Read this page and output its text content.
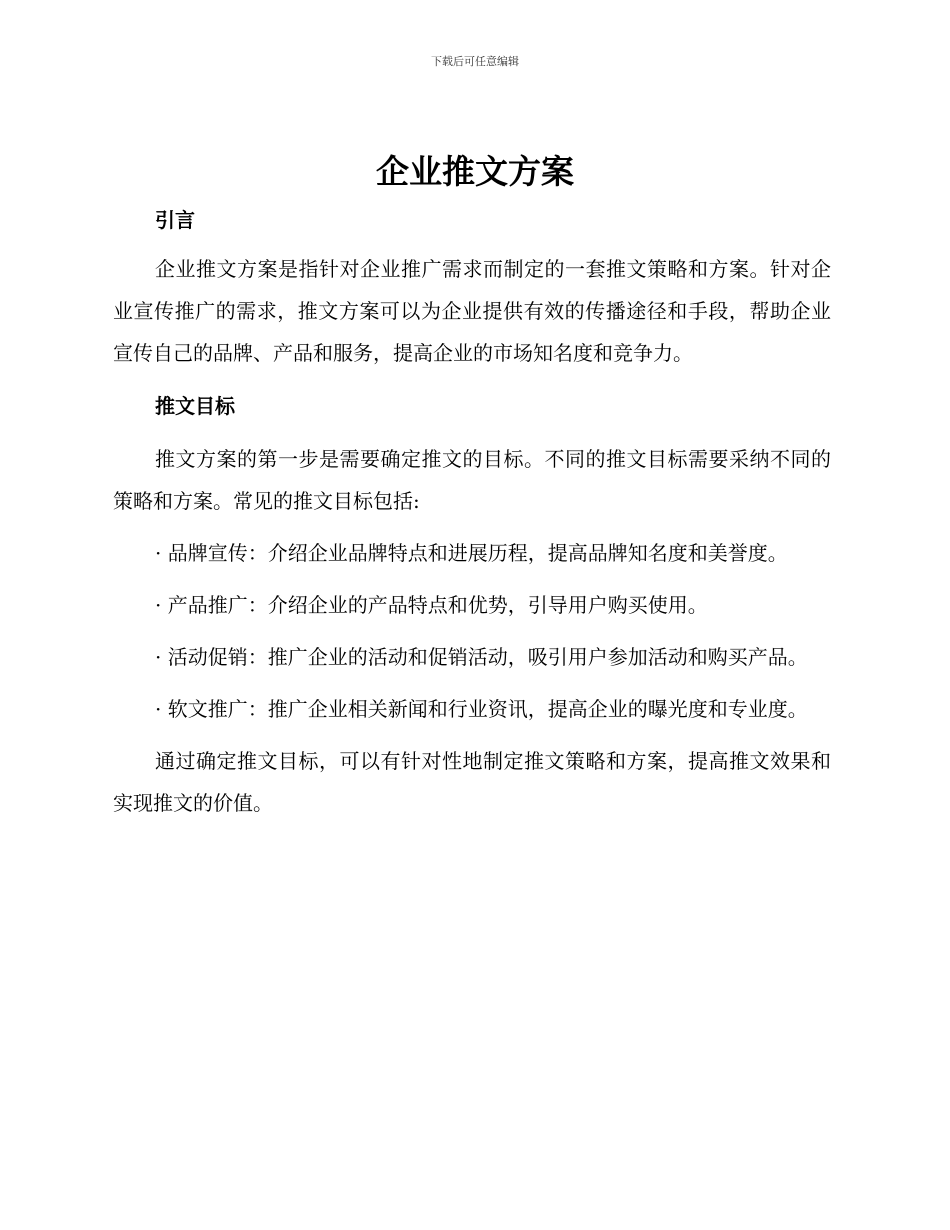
下载后可任意编辑
企业推文方案
引言

企业推文方案是指针对企业推广需求而制定的一套推文策略和方案。针对企业宣传推广的需求，推文方案可以为企业提供有效的传播途径和手段，帮助企业宣传自己的品牌、产品和服务，提高企业的市场知名度和竞争力。

推文目标

推文方案的第一步是需要确定推文的目标。不同的推文目标需要采纳不同的策略和方案。常见的推文目标包括:

· 品牌宣传：介绍企业品牌特点和进展历程，提高品牌知名度和美誉度。

· 产品推广：介绍企业的产品特点和优势，引导用户购买使用。

· 活动促销：推广企业的活动和促销活动，吸引用户参加活动和购买产品。

· 软文推广：推广企业相关新闻和行业资讯，提高企业的曝光度和专业度。

通过确定推文目标，可以有针对性地制定推文策略和方案，提高推文效果和实现推文的价值。
